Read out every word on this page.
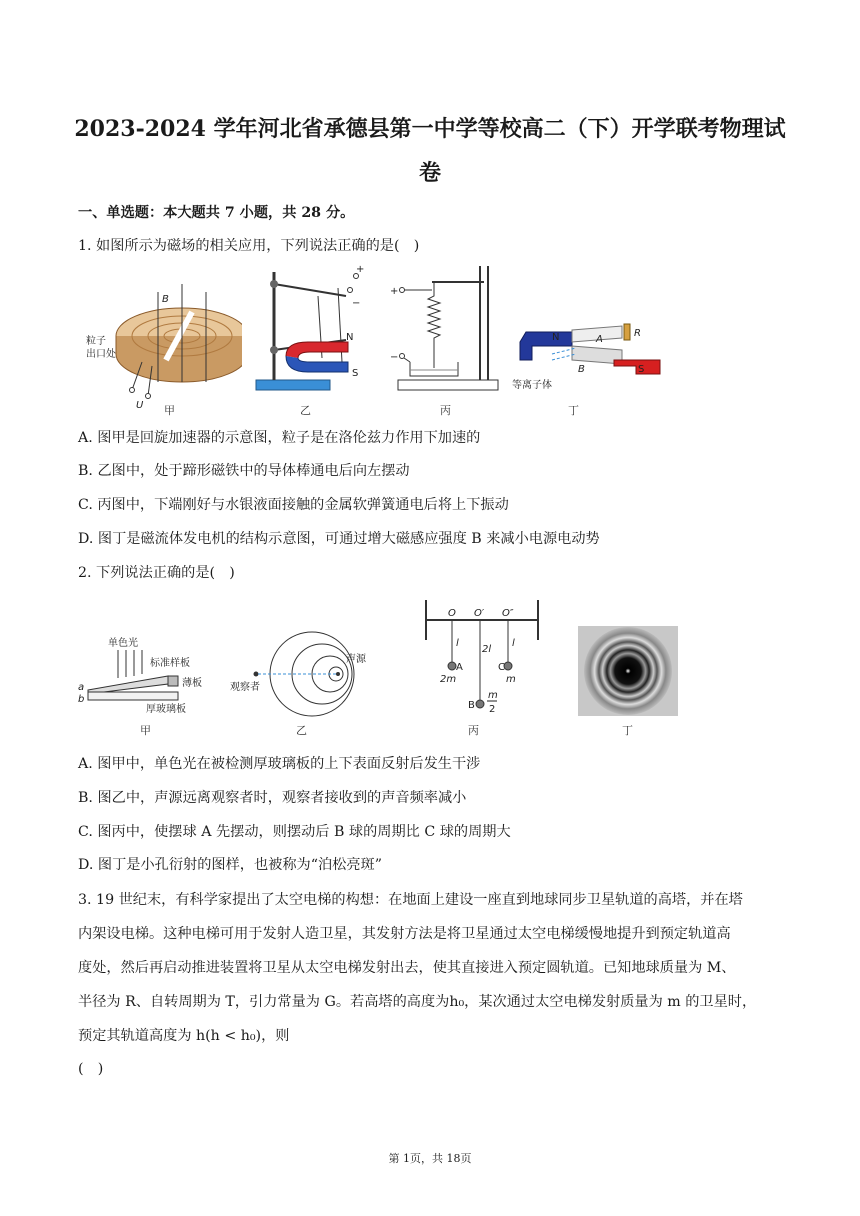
2023-2024 学年河北省承德县第一中学等校高二（下）开学联考物理试
卷
一、单选题：本大题共 7 小题，共 28 分。
1. 如图所示为磁场的相关应用，下列说法正确的是(　)
B
粒子
出口处
U 甲
+
−
N
S
乙
+
−
丙
N	A
R
B	S
等离子体
丁
A. 图甲是回旋加速器的示意图，粒子是在洛伦兹力作用下加速的
B. 乙图中，处于蹄形磁铁中的导体棒通电后向左摆动
C. 丙图中，下端刚好与水银液面接触的金属软弹簧通电后将上下振动
D. 图丁是磁流体发电机的结构示意图，可通过增大磁感应强度 B 来减小电源电动势
2. 下列说法正确的是(　)
单色光
标准样板
薄板
厚玻璃板
a
b
甲
声源
观察者
乙
O O′ O″
l
2l
l
A
2m
C
m
B
m
2
丙	丁
A. 图甲中，单色光在被检测厚玻璃板的上下表面反射后发生干涉
B. 图乙中，声源远离观察者时，观察者接收到的声音频率减小
C. 图丙中，使摆球 A 先摆动，则摆动后 B 球的周期比 C 球的周期大
D. 图丁是小孔衍射的图样，也被称为“泊松亮斑”
3. 19 世纪末，有科学家提出了太空电梯的构想：在地面上建设一座直到地球同步卫星轨道的高塔，并在塔
内架设电梯。这种电梯可用于发射人造卫星，其发射方法是将卫星通过太空电梯缓慢地提升到预定轨道高
度处，然后再启动推进装置将卫星从太空电梯发射出去，使其直接进入预定圆轨道。已知地球质量为 M、
半径为 R、自转周期为 T，引力常量为 G。若高塔的高度为h₀，某次通过太空电梯发射质量为 m 的卫星时，
预定其轨道高度为 h(h < h₀)，则
(　)
第 1页，共 18页
